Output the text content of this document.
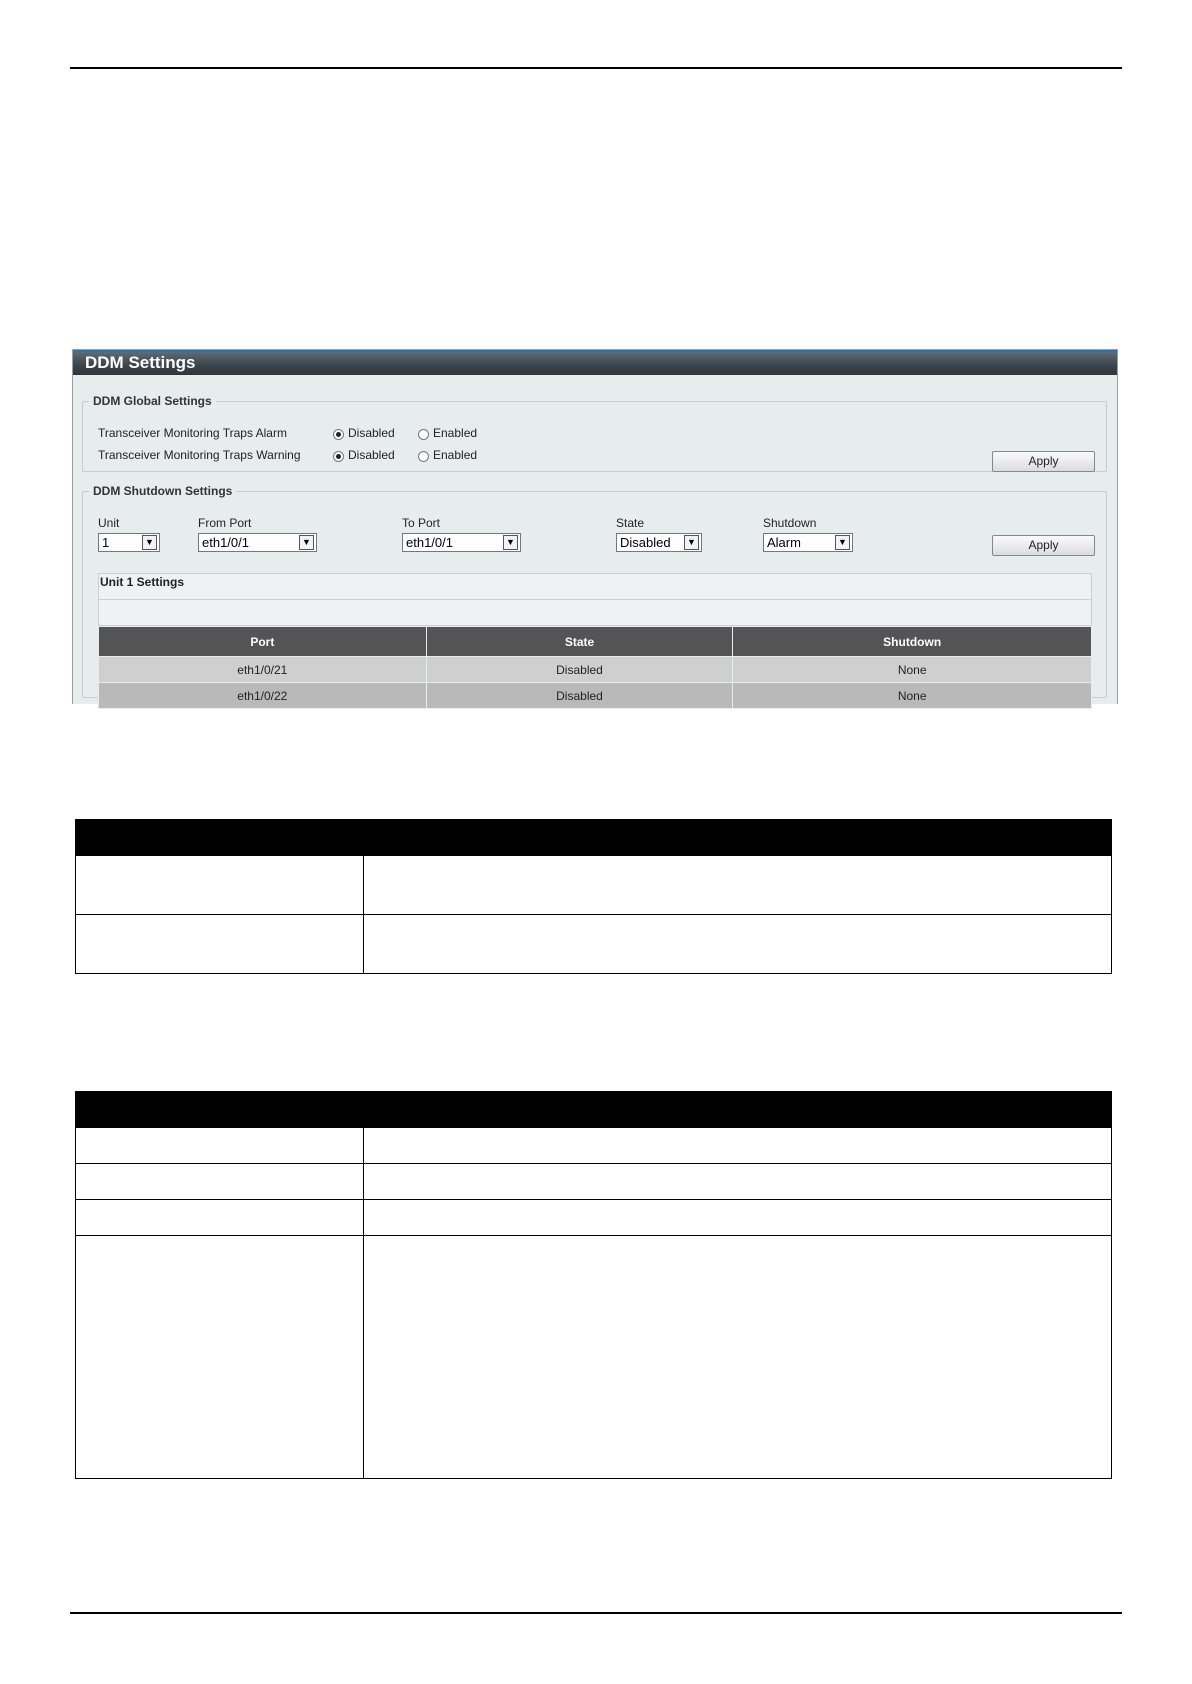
DDM Settings
DDM Global Settings
Transceiver Monitoring Traps Alarm	Disabled	Enabled
Transceiver Monitoring Traps Warning	Disabled	Enabled	Apply
DDM Shutdown Settings
Unit	From Port	To Port	State	Shutdown
1	▼	eth1/0/1	▼	eth1/0/1	▼	Disabled	▼	Alarm	▼	Apply
Unit 1 Settings
Port	State	Shutdown
eth1/0/21	Disabled	None
eth1/0/22	Disabled	None
